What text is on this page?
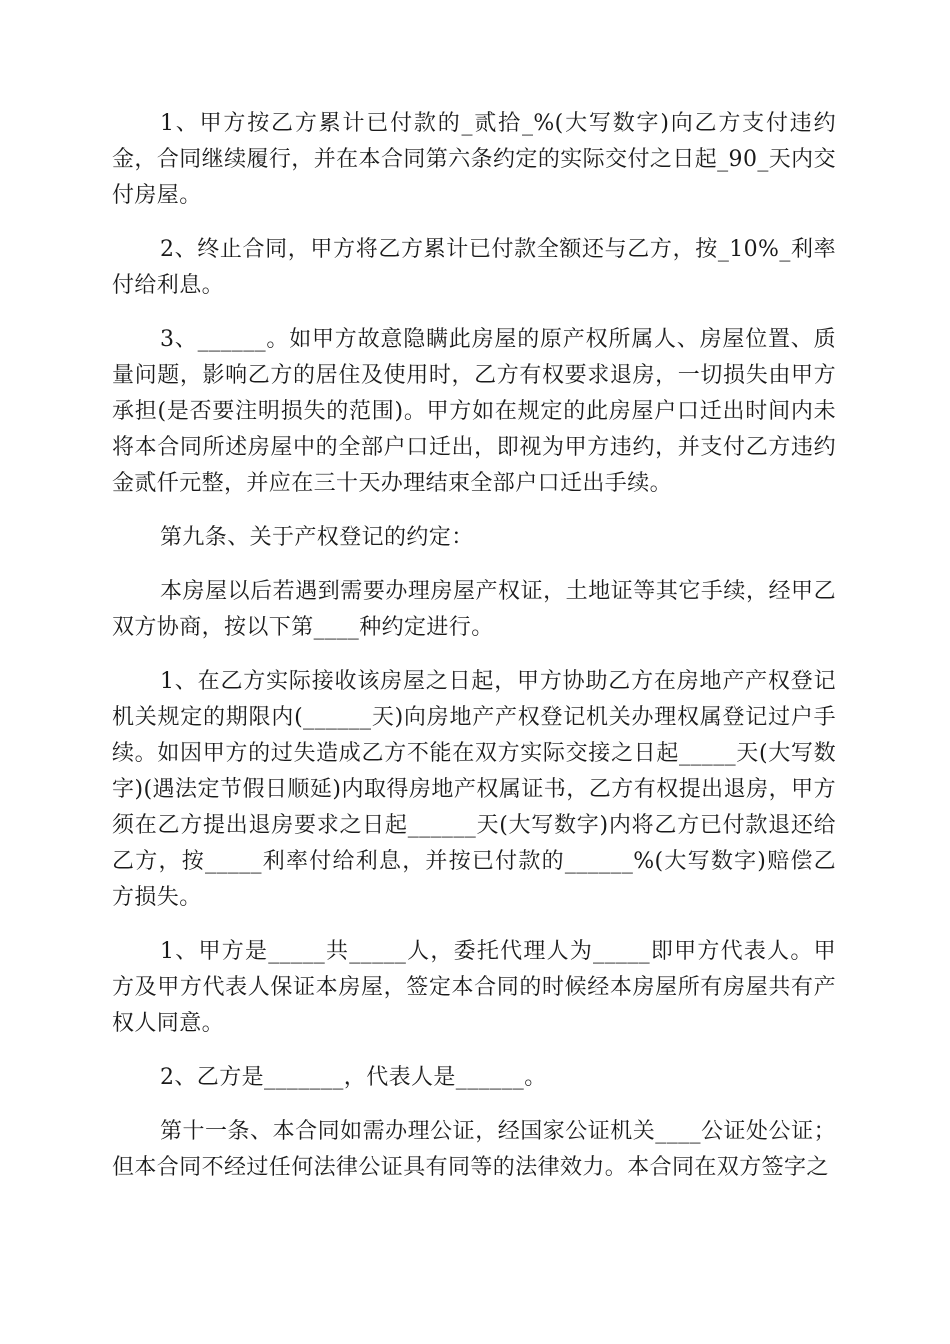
1、甲方按乙方累计已付款的_贰拾_%(大写数字)向乙方支付违约金，合同继续履行，并在本合同第六条约定的实际交付之日起_90_天内交付房屋。

2、终止合同，甲方将乙方累计已付款全额还与乙方，按_10%_利率付给利息。

3、______。如甲方故意隐瞒此房屋的原产权所属人、房屋位置、质量问题，影响乙方的居住及使用时，乙方有权要求退房，一切损失由甲方承担(是否要注明损失的范围)。甲方如在规定的此房屋户口迁出时间内未将本合同所述房屋中的全部户口迁出，即视为甲方违约，并支付乙方违约金贰仟元整，并应在三十天办理结束全部户口迁出手续。

第九条、关于产权登记的约定：

本房屋以后若遇到需要办理房屋产权证，土地证等其它手续，经甲乙双方协商，按以下第____种约定进行。

1、在乙方实际接收该房屋之日起，甲方协助乙方在房地产产权登记机关规定的期限内(______天)向房地产产权登记机关办理权属登记过户手续。如因甲方的过失造成乙方不能在双方实际交接之日起_____天(大写数字)(遇法定节假日顺延)内取得房地产权属证书，乙方有权提出退房，甲方须在乙方提出退房要求之日起______天(大写数字)内将乙方已付款退还给乙方，按_____利率付给利息，并按已付款的______%(大写数字)赔偿乙方损失。

1、甲方是_____共_____人，委托代理人为_____即甲方代表人。甲方及甲方代表人保证本房屋，签定本合同的时候经本房屋所有房屋共有产权人同意。

2、乙方是_______，代表人是______。

第十一条、本合同如需办理公证，经国家公证机关____公证处公证；但本合同不经过任何法律公证具有同等的法律效力。本合同在双方签字之
